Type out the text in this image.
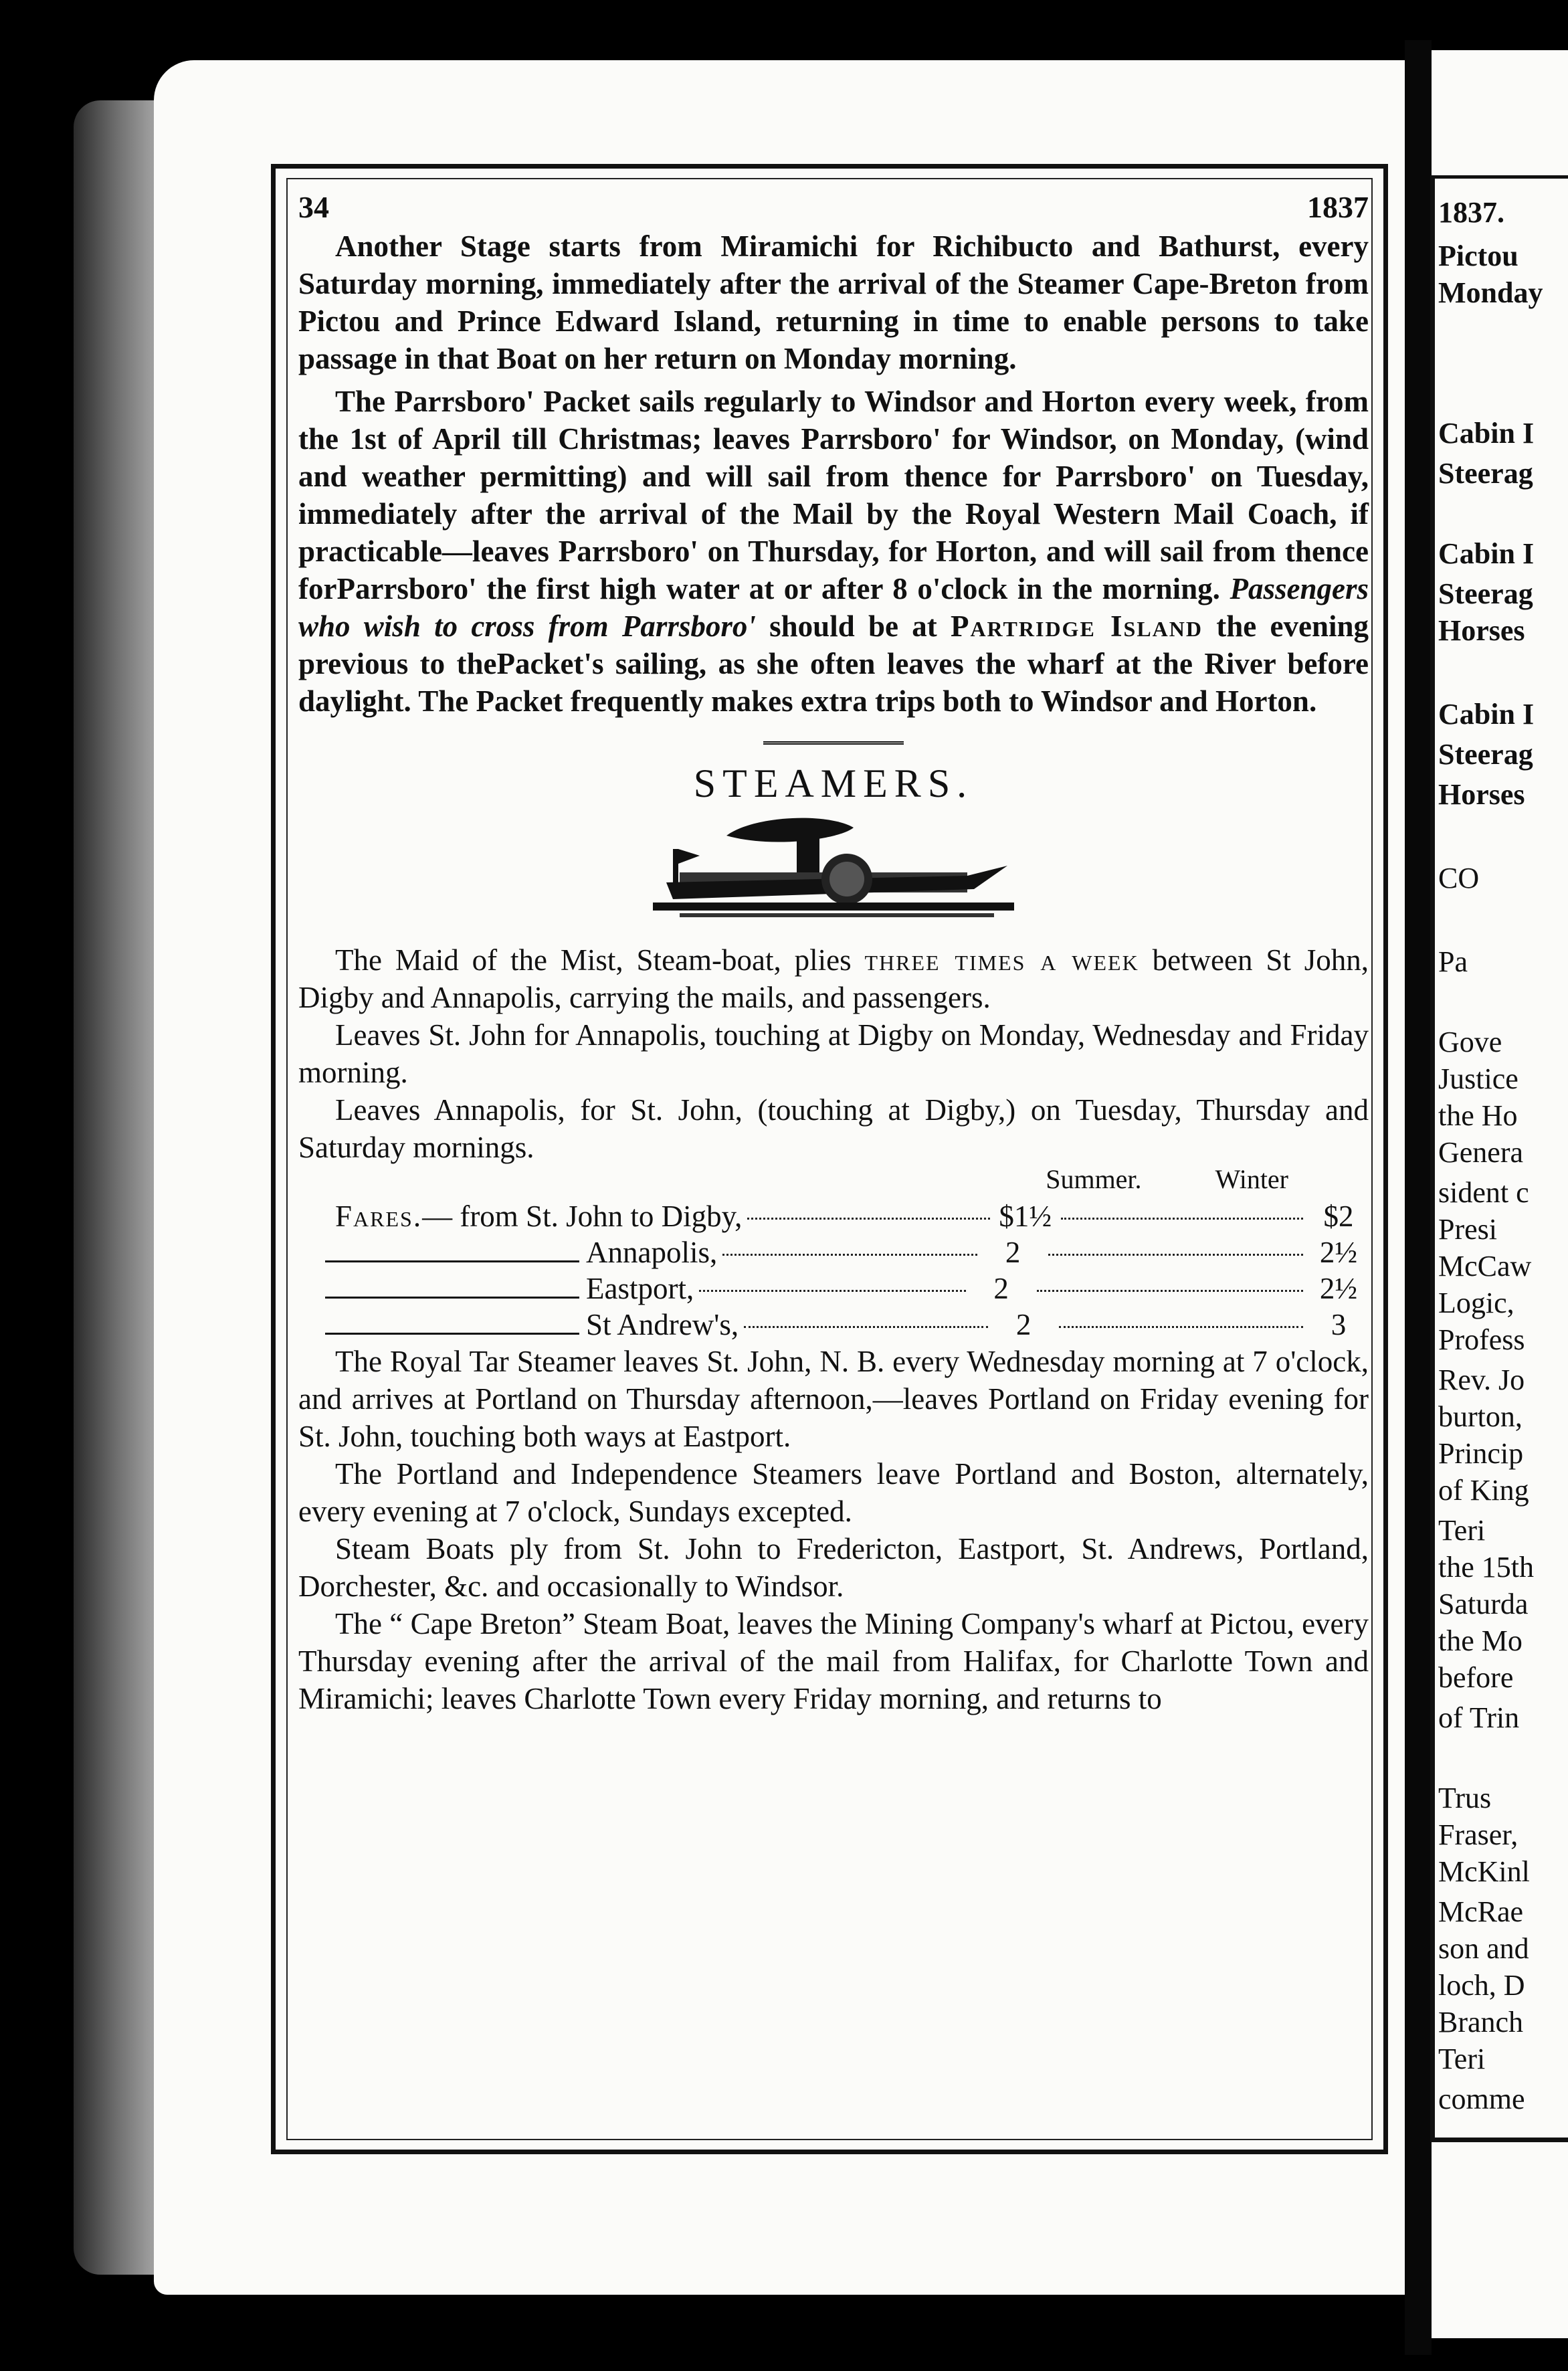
34	1837

Another Stage starts from Miramichi for Richibucto and Bathurst, every Saturday morning, immediately after the arrival of the Steamer Cape-Breton from Pictou and Prince Edward Island, returning in time to enable persons to take passage in that Boat on her return on Monday morning.

The Parrsboro' Packet sails regularly to Windsor and Horton every week, from the 1st of April till Christmas; leaves Parrsboro' for Windsor, on Monday, (wind and weather permitting) and will sail from thence for Parrsboro' on Tuesday, immediately after the arrival of the Mail by the Royal Western Mail Coach, if practicable—leaves Parrsboro' on Thursday, for Horton, and will sail from thence forParrsboro' the first high water at or after 8 o'clock in the morning. Passengers who wish to cross from Parrsboro' should be at Partridge Island the evening previous to thePacket's sailing, as she often leaves the wharf at the River before daylight. The Packet frequently makes extra trips both to Windsor and Horton.

STEAMERS.

The Maid of the Mist, Steam-boat, plies three times a week between St John, Digby and Annapolis, carrying the mails, and passengers.

Leaves St. John for Annapolis, touching at Digby on Monday, Wednesday and Friday morning.

Leaves Annapolis, for St. John, (touching at Digby,) on Tuesday, Thursday and Saturday mornings.

Summer.	Winter
Fares. — from St. John to Digby,	$1½	$2
Annapolis,	2	2½
Eastport,	2	2½
St Andrew's,	2	3

The Royal Tar Steamer leaves St. John, N. B. every Wednesday morning at 7 o'clock, and arrives at Portland on Thursday afternoon,—leaves Portland on Friday evening for St. John, touching both ways at Eastport.

The Portland and Independence Steamers leave Portland and Boston, alternately, every evening at 7 o'clock, Sundays excepted.

Steam Boats ply from St. John to Fredericton, Eastport, St. Andrews, Portland, Dorchester, &c. and occasionally to Windsor.

The “ Cape Breton” Steam Boat, leaves the Mining Company's wharf at Pictou, every Thursday evening after the arrival of the mail from Halifax, for Charlotte Town and Miramichi; leaves Charlotte Town every Friday morning, and returns to

1837.
Pictou
Monday
Cabin I
Steerag
Cabin I
Steerag
Horses
Cabin I
Steerag
Horses
CO
Pa
Gove
Justice
the Ho
Genera
sident c
Presi
McCaw
Logic,
Profess
Rev. Jo
burton,
Princip
of King
Teri
the 15th
Saturda
the Mo
before
of Trin
Trus
Fraser,
McKinl
McRae
son and
loch, D
Branch
Teri
comme
